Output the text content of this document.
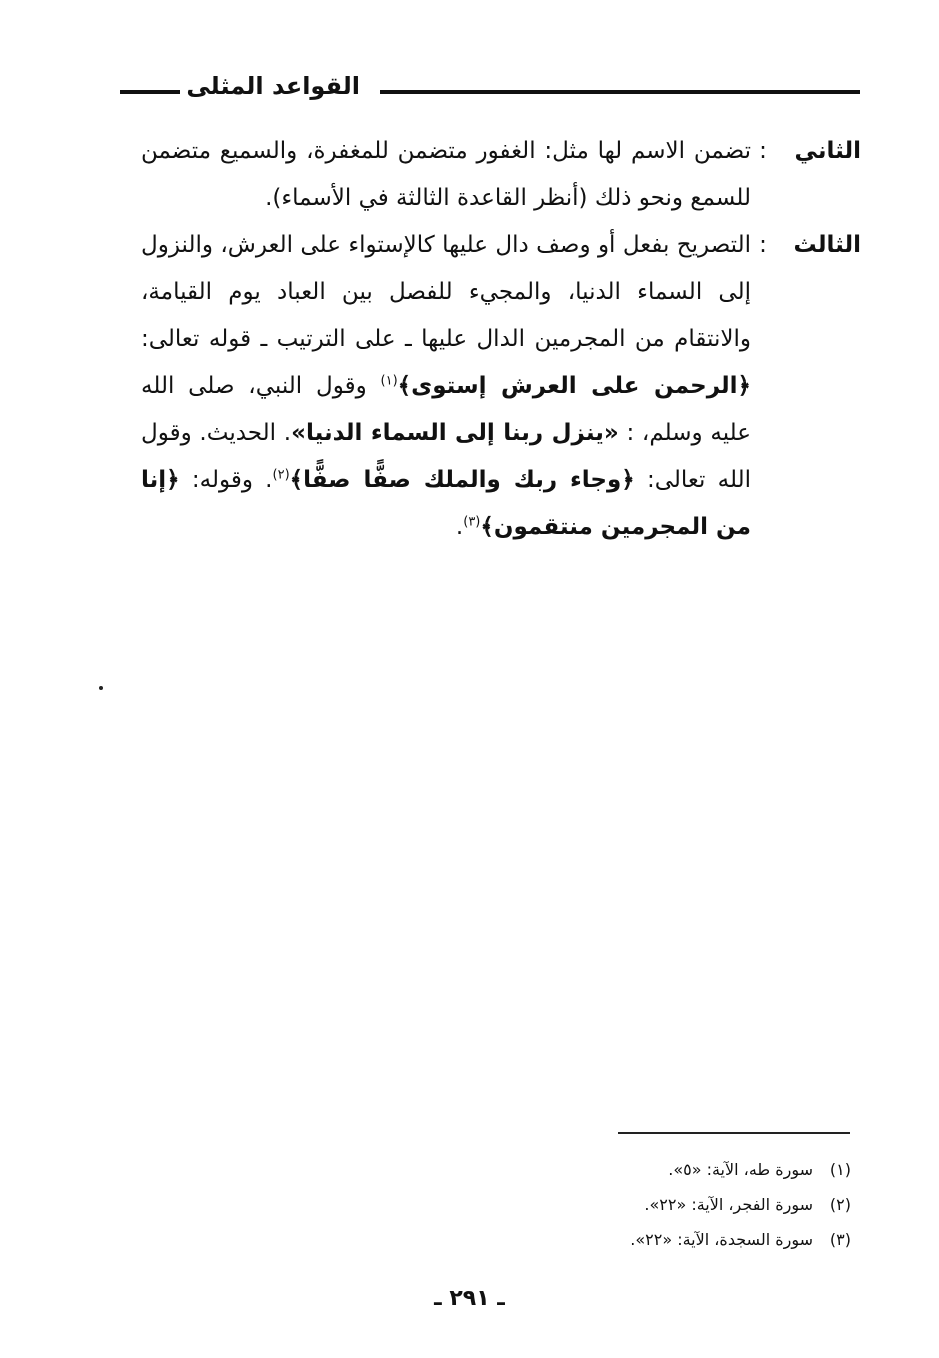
القواعد المثلى
الثاني
:
تضمن الاسم لها مثل: الغفور متضمن للمغفرة، والسميع متضمن للسمع ونحو ذلك (أنظر القاعدة الثالثة في الأسماء).
الثالث
:
التصريح بفعل أو وصف دال عليها كالإستواء على العرش، والنزول إلى السماء الدنيا، والمجيء للفصل بين العباد يوم القيامة، والانتقام من المجرمين الدال عليها ـ على الترتيب ـ قوله تعالى: ﴿الرحمن على العرش إستوى﴾$^{(١)}$ وقول النبي، صلى الله عليه وسلم، : «ينزل ربنا إلى السماء الدنيا». الحديث. وقول الله تعالى: ﴿وجاء ربك والملك صفًّا صفًّا﴾$^{(٢)}$. وقوله: ﴿إنا من المجرمين منتقمون﴾$^{(٣)}$.
(١)سورة طه، الآية: «٥».
(٢)سورة الفجر، الآية: «٢٢».
(٣)سورة السجدة، الآية: «٢٢».
ـ ٢٩١ ـ
